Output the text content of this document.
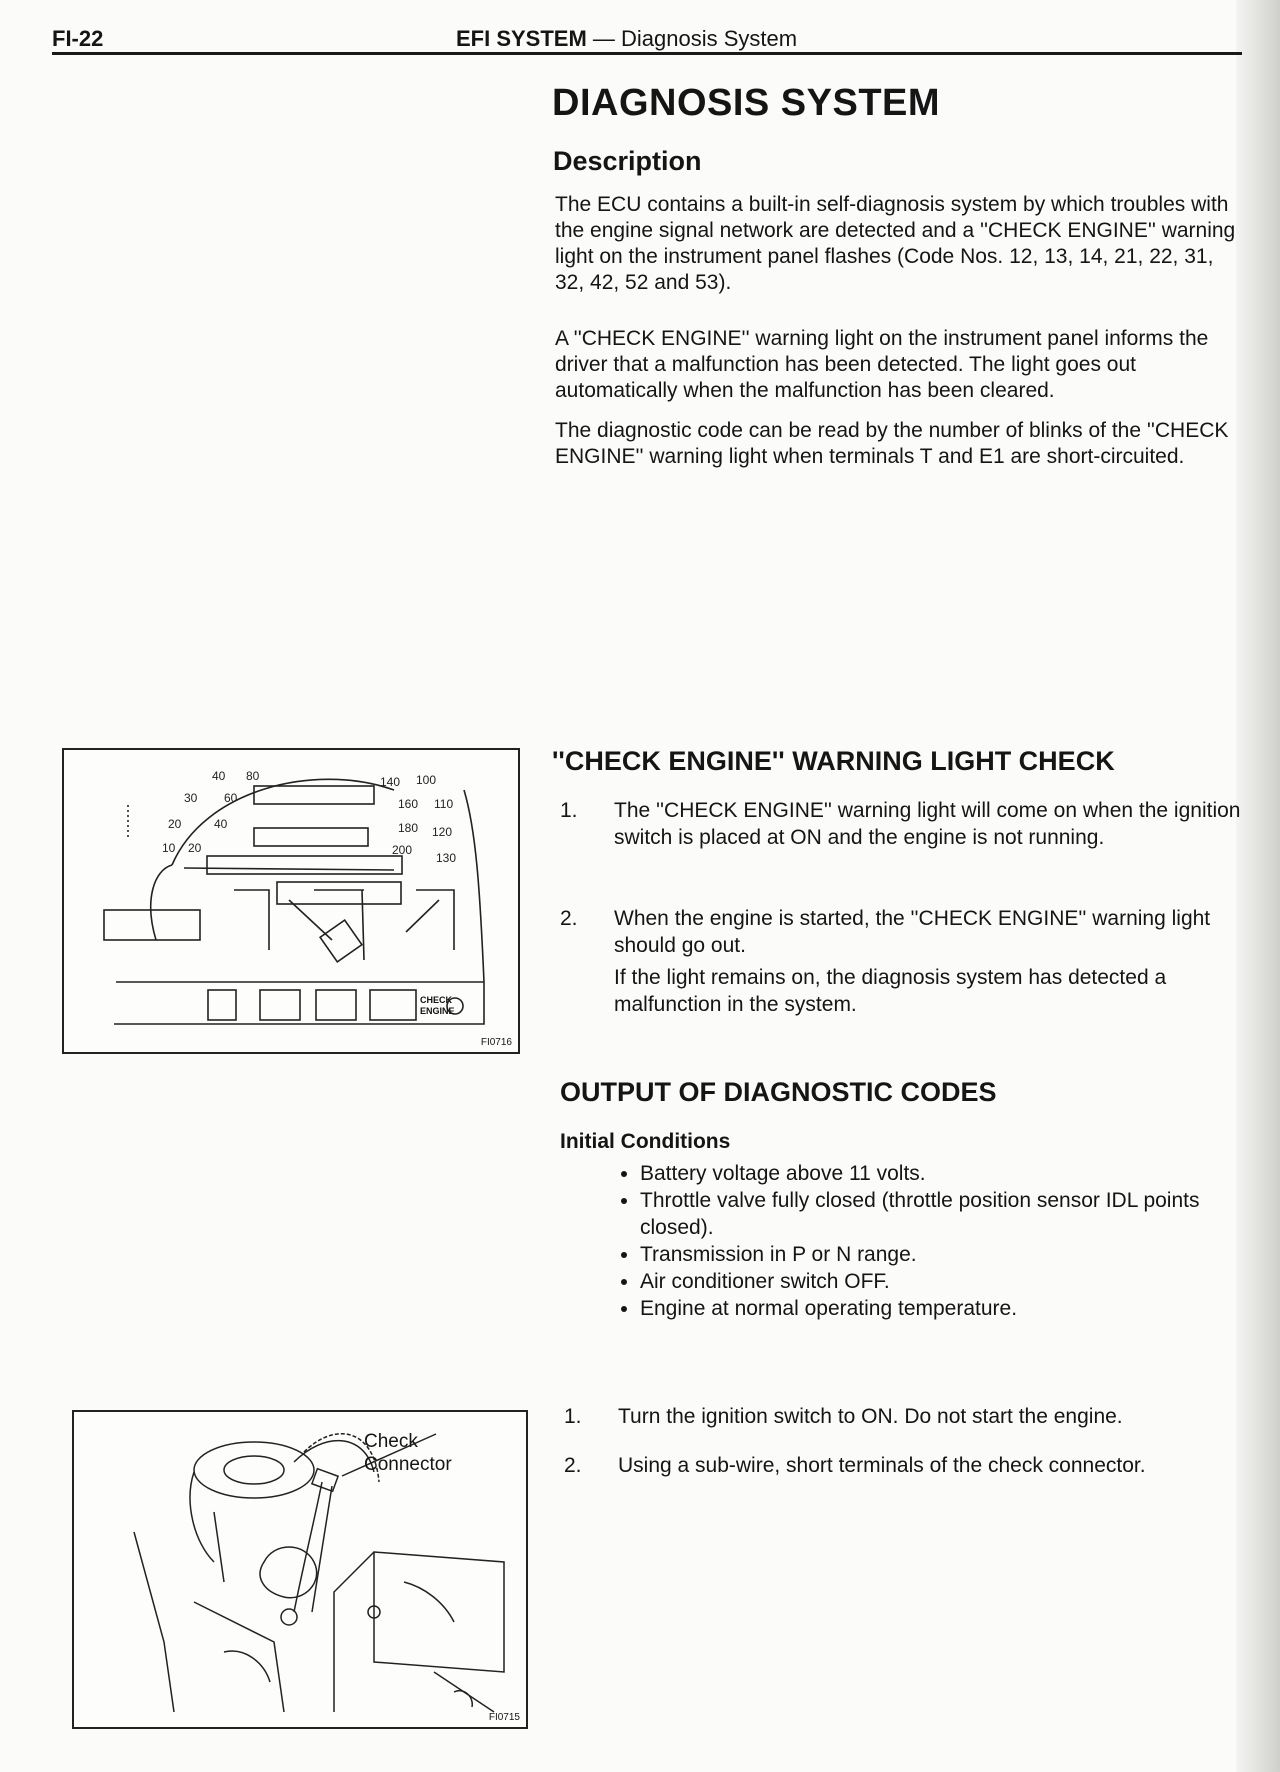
FI-22	EFI SYSTEM — Diagnosis System
DIAGNOSIS SYSTEM
Description

The ECU contains a built-in self-diagnosis system by which troubles with the engine signal network are detected and a ''CHECK ENGINE'' warning light on the instrument panel flashes (Code Nos. 12, 13, 14, 21, 22, 31, 32, 42, 52 and 53).

A ''CHECK ENGINE'' warning light on the instrument panel informs the driver that a malfunction has been detected. The light goes out automatically when the malfunction has been cleared.

The diagnostic code can be read by the number of blinks of the ''CHECK ENGINE'' warning light when terminals T and E1 are short-circuited.

40 80	140 100
30 60	160 110
20	40	180 120
10 20	200
130
CHECK
ENGINE
FI0716
''CHECK ENGINE'' WARNING LIGHT CHECK
1. The ''CHECK ENGINE'' warning light will come on when the ignition switch is placed at ON and the engine is not running.

2. When the engine is started, the ''CHECK ENGINE'' warning light should go out.

If the light remains on, the diagnosis system has detected a malfunction in the system.

OUTPUT OF DIAGNOSTIC CODES
Initial Conditions
• Battery voltage above 11 volts.
• Throttle valve fully closed (throttle position sensor IDL points closed).
• Transmission in P or N range.
• Air conditioner switch OFF.
• Engine at normal operating temperature.
1. Turn the ignition switch to ON. Do not start the engine.

2. Using a sub-wire, short terminals of the check connector.

Check
Connector
FI0715
